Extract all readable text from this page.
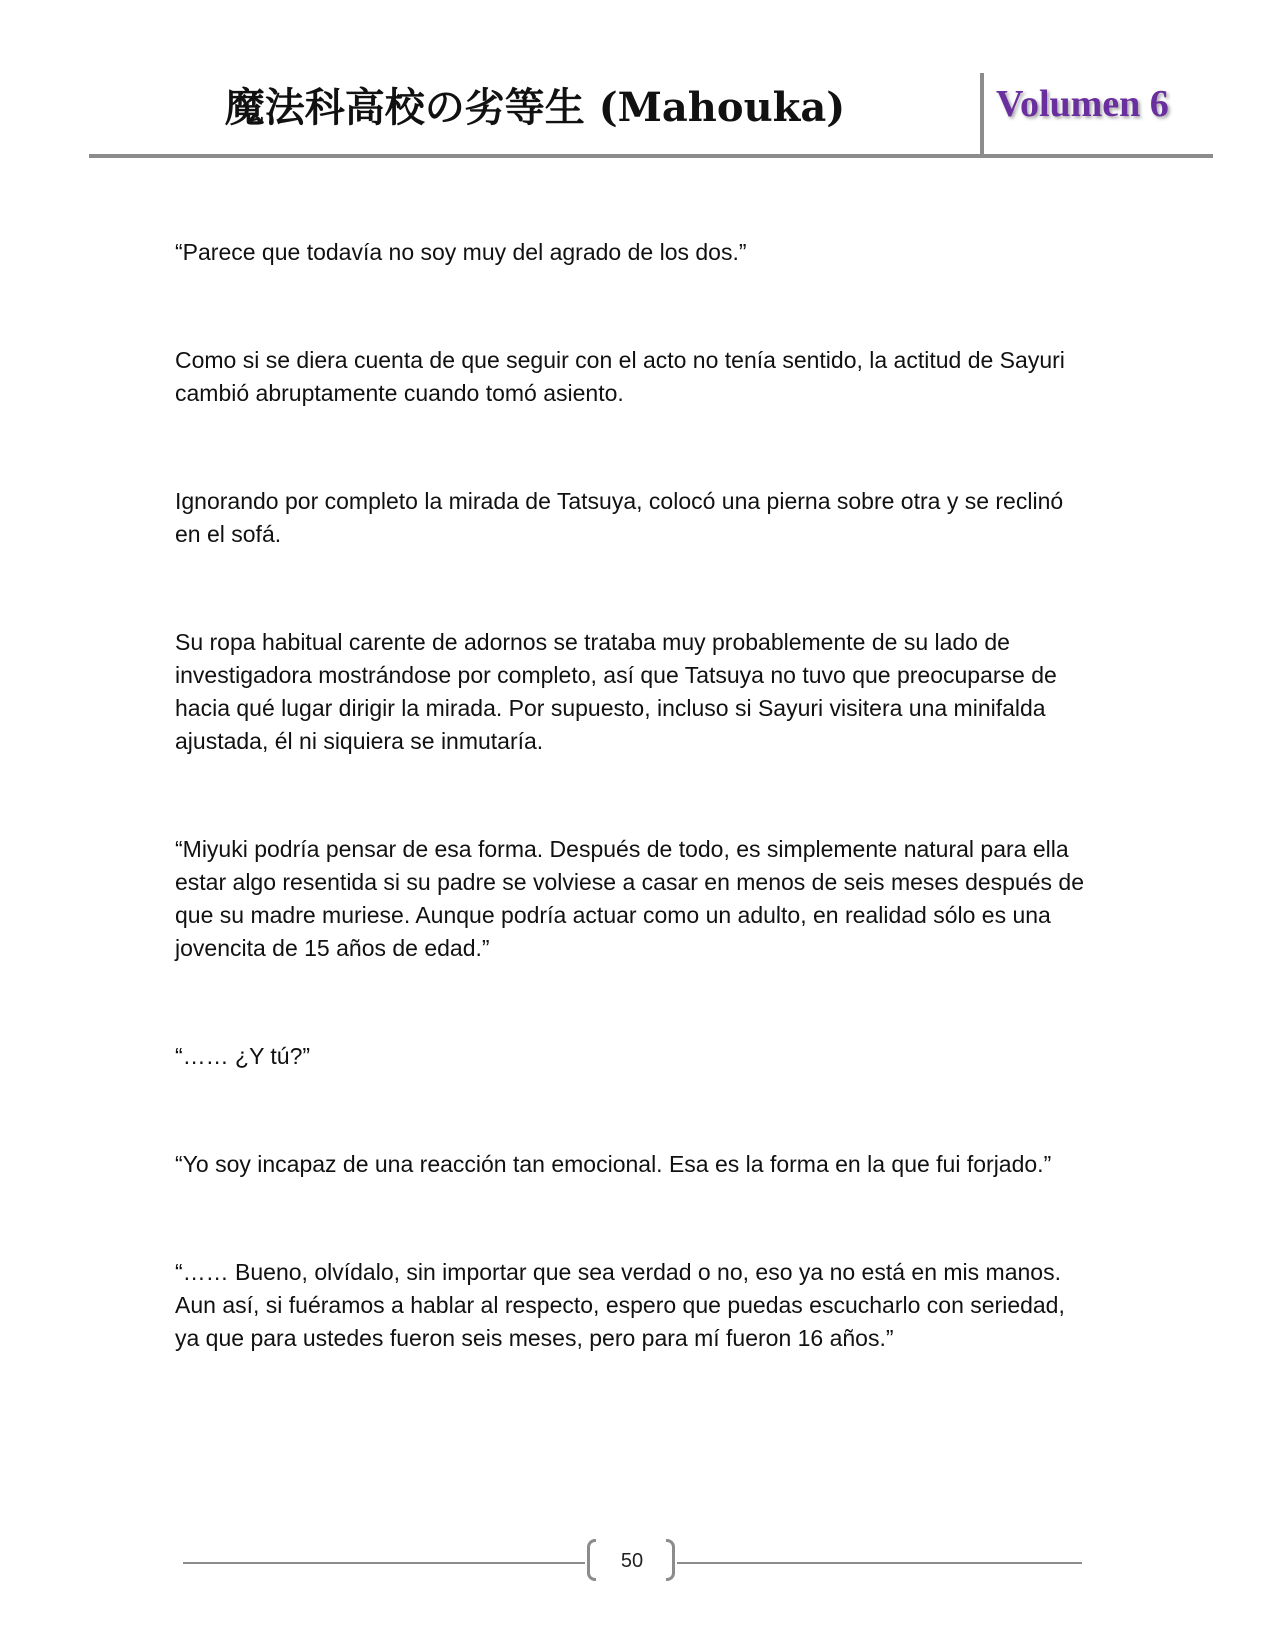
魔法科高校の劣等生 (Mahouka)	Volumen 6

“Parece que todavía no soy muy del agrado de los dos.”

Como si se diera cuenta de que seguir con el acto no tenía sentido, la actitud de Sayuri cambió abruptamente cuando tomó asiento.

Ignorando por completo la mirada de Tatsuya, colocó una pierna sobre otra y se reclinó en el sofá.

Su ropa habitual carente de adornos se trataba muy probablemente de su lado de investigadora mostrándose por completo, así que Tatsuya no tuvo que preocuparse de hacia qué lugar dirigir la mirada. Por supuesto, incluso si Sayuri visitera una minifalda ajustada, él ni siquiera se inmutaría.

“Miyuki podría pensar de esa forma. Después de todo, es simplemente natural para ella estar algo resentida si su padre se volviese a casar en menos de seis meses después de que su madre muriese. Aunque podría actuar como un adulto, en realidad sólo es una jovencita de 15 años de edad.”

“…… ¿Y tú?”

“Yo soy incapaz de una reacción tan emocional. Esa es la forma en la que fui forjado.”

“…… Bueno, olvídalo, sin importar que sea verdad o no, eso ya no está en mis manos. Aun así, si fuéramos a hablar al respecto, espero que puedas escucharlo con seriedad, ya que para ustedes fueron seis meses, pero para mí fueron 16 años.”

50
